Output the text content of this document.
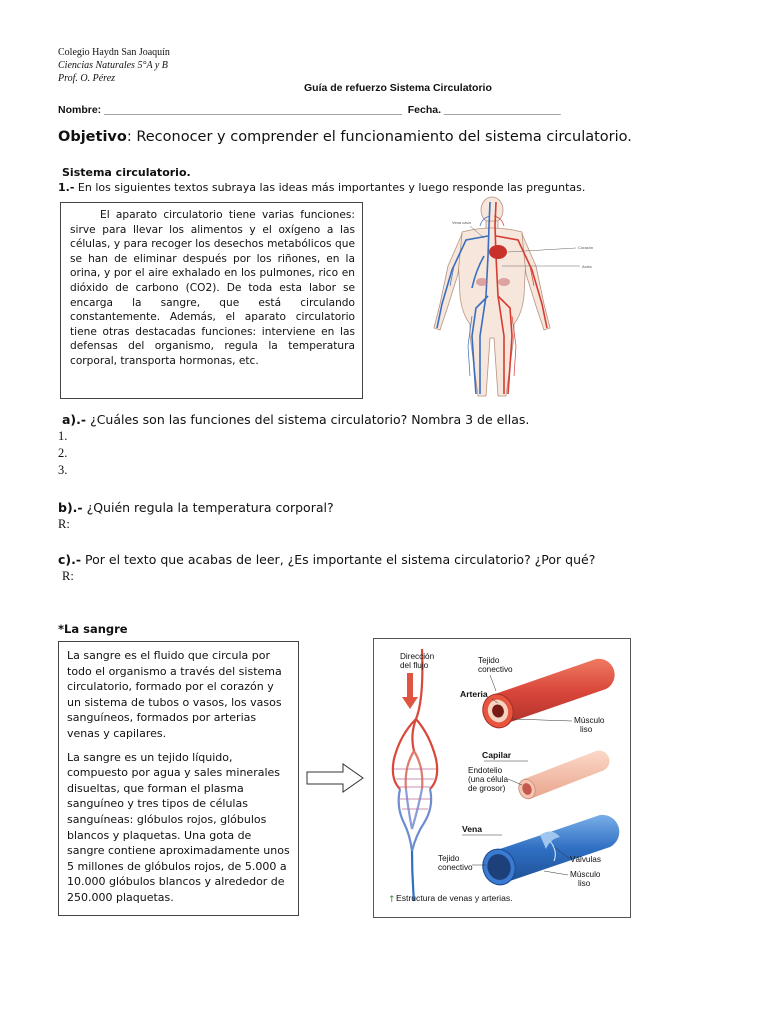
Colegio Haydn San Joaquín
Ciencias Naturales 5°A y B
Prof. O. Pérez
Guía de refuerzo Sistema Circulatorio
Nombre: ___________________________________________________  Fecha. ____________________
Objetivo: Reconocer y comprender el funcionamiento del sistema circulatorio.
Sistema circulatorio.
1.- En los siguientes textos subraya las ideas más importantes y luego responde las preguntas.

El aparato circulatorio tiene varias funciones: sirve para llevar los alimentos y el oxígeno a las células, y para recoger los desechos metabólicos que se han de eliminar después por los riñones, en la orina, y por el aire exhalado en los pulmones, rico en dióxido de carbono (CO2). De toda esta labor se encarga la sangre, que está circulando constantemente. Además, el aparato circulatorio tiene otras destacadas funciones: interviene en las defensas del organismo, regula la temperatura corporal, transporta hormonas, etc.

Vena cava
Corazón
Aorta
a).- ¿Cuáles son las funciones del sistema circulatorio? Nombra 3 de ellas.
1.
2.
3.
b).- ¿Quién regula la temperatura corporal?
R:
c).- Por el texto que acabas de leer, ¿Es importante el sistema circulatorio? ¿Por qué?
R:
*La sangre

La sangre es el fluido que circula por todo el organismo a través del sistema circulatorio, formado por el corazón y un sistema de tubos o vasos, los vasos sanguíneos, formados por arterias venas y capilares.

La sangre es un tejido líquido, compuesto por agua y sales minerales disueltas, que forman el plasma sanguíneo y tres tipos de células sanguíneas: glóbulos rojos, glóbulos blancos y plaquetas. Una gota de sangre contiene aproximadamente unos 5 millones de glóbulos rojos, de 5.000 a 10.000 glóbulos blancos y alrededor de 250.000 plaquetas.

Dirección
del flujo
Tejido
conectivo
Arteria
Músculo
liso
Capilar
Endotelio
(una célula
de grosor)
Vena
Válvulas
Tejido
conectivo
Músculo
liso
↑ Estructura de venas y arterias.
